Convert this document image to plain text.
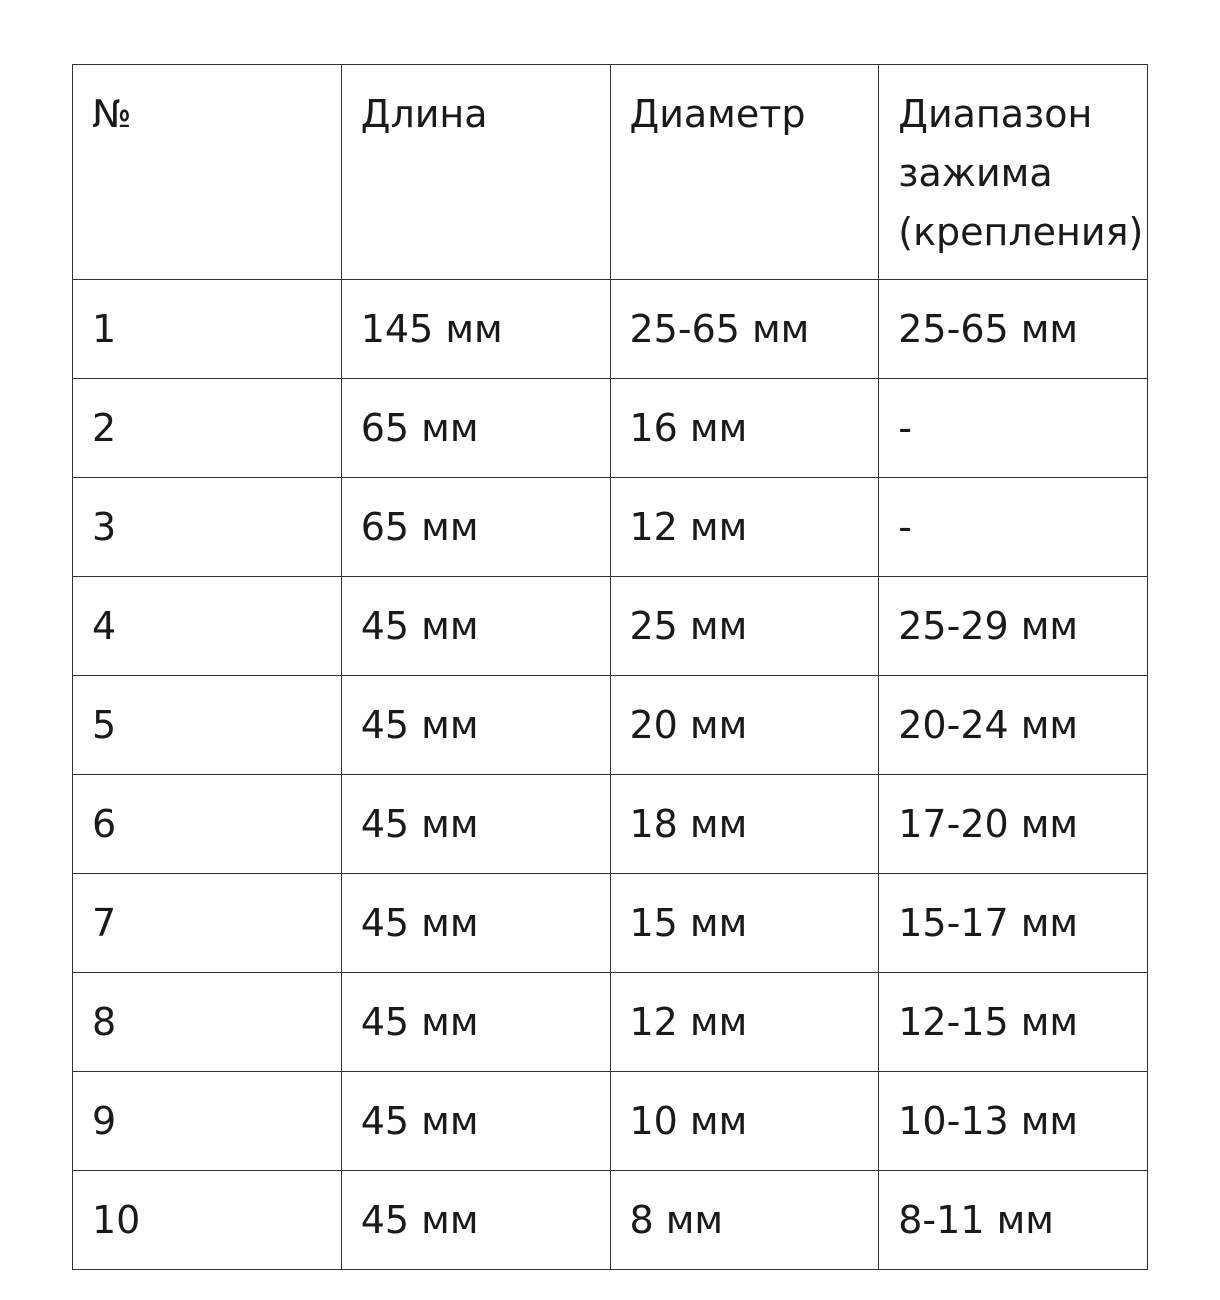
№	Длина	Диаметр	Диапазон зажима (крепления)
1	145 мм	25-65 мм	25-65 мм
2	65 мм	16 мм	-
3	65 мм	12 мм	-
4	45 мм	25 мм	25-29 мм
5	45 мм	20 мм	20-24 мм
6	45 мм	18 мм	17-20 мм
7	45 мм	15 мм	15-17 мм
8	45 мм	12 мм	12-15 мм
9	45 мм	10 мм	10-13 мм
10	45 мм	8 мм	8-11 мм
